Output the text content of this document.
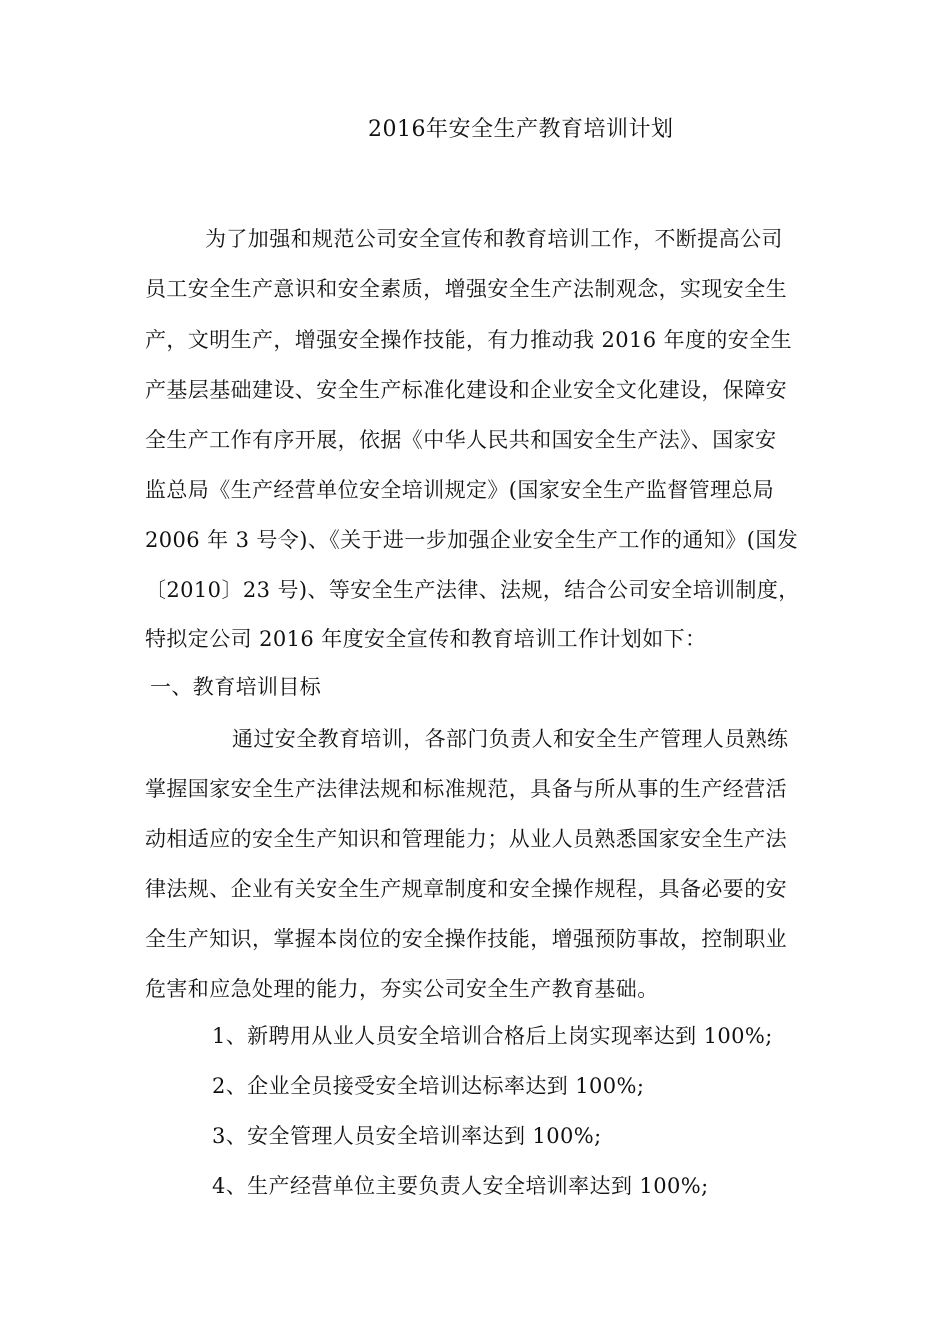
2016年安全生产教育培训计划
为了加强和规范公司安全宣传和教育培训工作，不断提高公司
员工安全生产意识和安全素质，增强安全生产法制观念，实现安全生
产，文明生产，增强安全操作技能，有力推动我 2016 年度的安全生
产基层基础建设、安全生产标准化建设和企业安全文化建设，保障安
全生产工作有序开展，依据《中华人民共和国安全生产法》、国家安
监总局《生产经营单位安全培训规定》(国家安全生产监督管理总局
2006 年 3 号令)、《关于进一步加强企业安全生产工作的通知》(国发
〔2010〕23 号)、等安全生产法律、法规，结合公司安全培训制度，
特拟定公司 2016 年度安全宣传和教育培训工作计划如下：
一、教育培训目标
通过安全教育培训，各部门负责人和安全生产管理人员熟练
掌握国家安全生产法律法规和标准规范，具备与所从事的生产经营活
动相适应的安全生产知识和管理能力；从业人员熟悉国家安全生产法
律法规、企业有关安全生产规章制度和安全操作规程，具备必要的安
全生产知识，掌握本岗位的安全操作技能，增强预防事故，控制职业
危害和应急处理的能力，夯实公司安全生产教育基础。
1、新聘用从业人员安全培训合格后上岗实现率达到 100%;
2、企业全员接受安全培训达标率达到 100%;
3、安全管理人员安全培训率达到 100%;
4、生产经营单位主要负责人安全培训率达到 100%;
